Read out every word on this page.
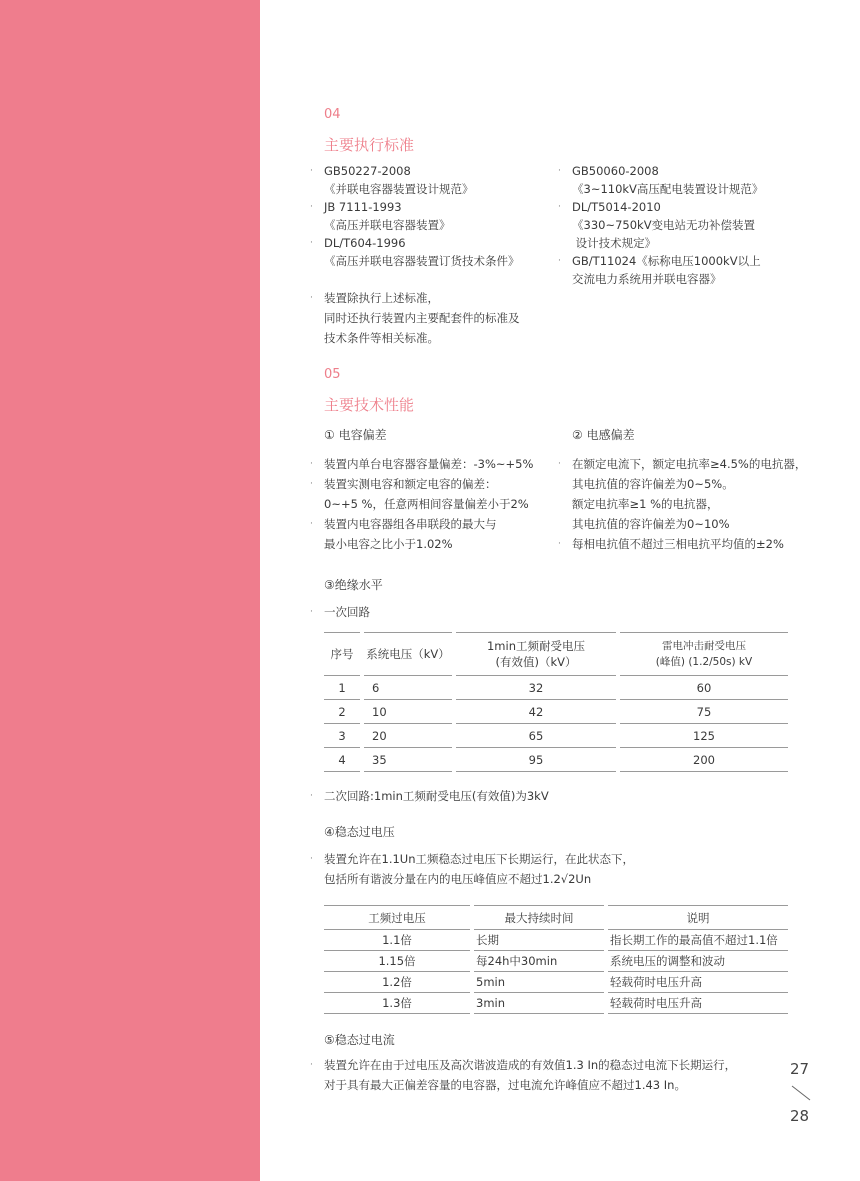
04
主要执行标准
· GB50227-2008
《并联电容器装置设计规范》
· JB 7111-1993
《高压并联电容器装置》
· DL/T604-1996
《高压并联电容器装置订货技术条件》
· GB50060-2008
《3~110kV高压配电装置设计规范》
· DL/T5014-2010
《330~750kV变电站无功补偿装置
设计技术规定》
· GB/T11024《标称电压1000kV以上
交流电力系统用并联电容器》
· 装置除执行上述标准，
同时还执行装置内主要配套件的标准及
技术条件等相关标准。
05
主要技术性能
① 电容偏差	② 电感偏差
· 装置内单台电容器容量偏差：-3%~+5%
· 装置实测电容和额定电容的偏差：
0~+5 %，任意两相间容量偏差小于2%
· 装置内电容器组各串联段的最大与
最小电容之比小于1.02%
· 在额定电流下，额定电抗率≥4.5%的电抗器，
其电抗值的容许偏差为0~5%。
额定电抗率≥1 %的电抗器，
其电抗值的容许偏差为0~10%
· 每相电抗值不超过三相电抗平均值的±2%
③绝缘水平
· 一次回路
序号	系统电压（kV）	1min工频耐受电压
(有效值)（kV）	雷电冲击耐受电压
(峰值) (1.2/50s) kV
1	6	32	60
2	10	42	75
3	20	65	125
4	35	95	200
· 二次回路:1min工频耐受电压(有效值)为3kV
④稳态过电压
· 装置允许在1.1Un工频稳态过电压下长期运行，在此状态下，
包括所有谐波分量在内的电压峰值应不超过1.2√2Un
工频过电压	最大持续时间	说明
1.1倍	长期	指长期工作的最高值不超过1.1倍
1.15倍	每24h中30min	系统电压的调整和波动
1.2倍	5min	轻载荷时电压升高
1.3倍	3min	轻载荷时电压升高
⑤稳态过电流
· 装置允许在由于过电压及高次谐波造成的有效值1.3 In的稳态过电流下长期运行，
对于具有最大正偏差容量的电容器，过电流允许峰值应不超过1.43 In。
27
28
